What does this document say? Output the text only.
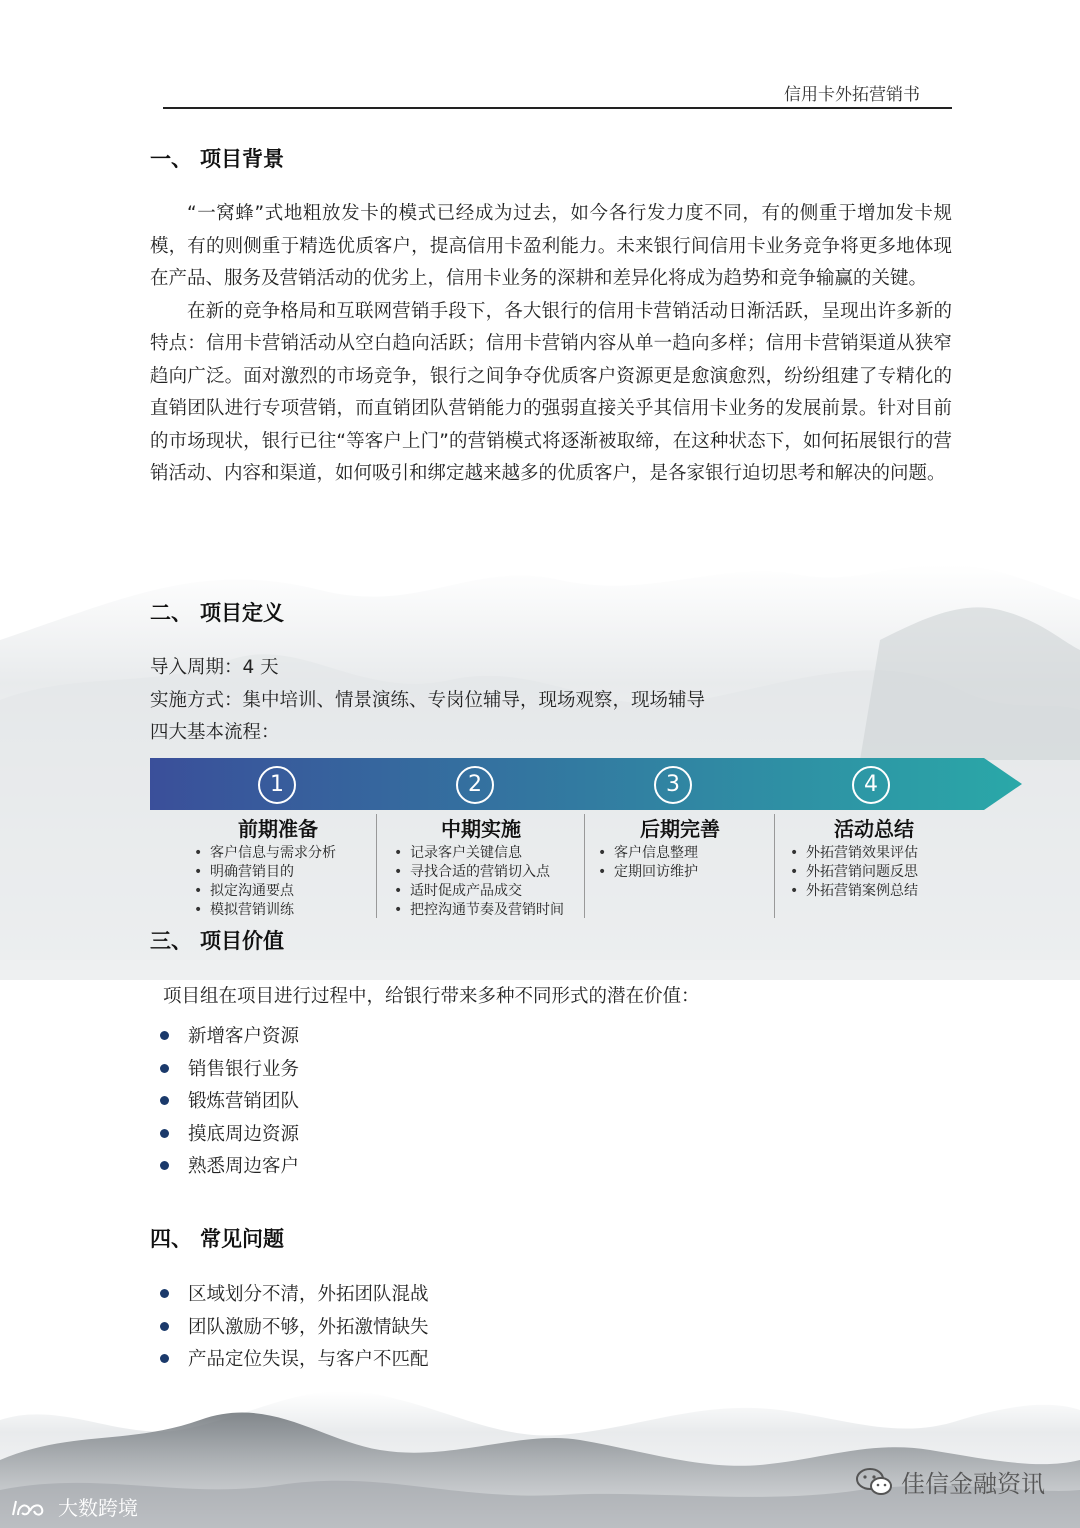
信用卡外拓营销书
一、 项目背景

“一窝蜂”式地粗放发卡的模式已经成为过去，如今各行发力度不同，有的侧重于增加发卡规模，有的则侧重于精选优质客户，提高信用卡盈利能力。未来银行间信用卡业务竞争将更多地体现在产品、服务及营销活动的优劣上，信用卡业务的深耕和差异化将成为趋势和竞争输赢的关键。

在新的竞争格局和互联网营销手段下，各大银行的信用卡营销活动日渐活跃，呈现出许多新的特点：信用卡营销活动从空白趋向活跃；信用卡营销内容从单一趋向多样；信用卡营销渠道从狭窄趋向广泛。面对激烈的市场竞争，银行之间争夺优质客户资源更是愈演愈烈，纷纷组建了专精化的直销团队进行专项营销，而直销团队营销能力的强弱直接关乎其信用卡业务的发展前景。针对目前的市场现状，银行已往“等客户上门”的营销模式将逐渐被取缔，在这种状态下，如何拓展银行的营销活动、内容和渠道，如何吸引和绑定越来越多的优质客户，是各家银行迫切思考和解决的问题。

二、 项目定义
导入周期：4 天
实施方式：集中培训、情景演练、专岗位辅导，现场观察，现场辅导
四大基本流程：
1	2	3	4
前期准备
• 客户信息与需求分析
• 明确营销目的
• 拟定沟通要点
• 模拟营销训练
中期实施
• 记录客户关键信息
• 寻找合适的营销切入点
• 适时促成产品成交
• 把控沟通节奏及营销时间
后期完善
• 客户信息整理
• 定期回访维护
活动总结
• 外拓营销效果评估
• 外拓营销问题反思
• 外拓营销案例总结
三、 项目价值
项目组在项目进行过程中，给银行带来多种不同形式的潜在价值：
新增客户资源
销售银行业务
锻炼营销团队
摸底周边资源
熟悉周边客户
四、 常见问题
区域划分不清，外拓团队混战
团队激励不够，外拓激情缺失
产品定位失误，与客户不匹配
大数跨境
佳信金融资讯
